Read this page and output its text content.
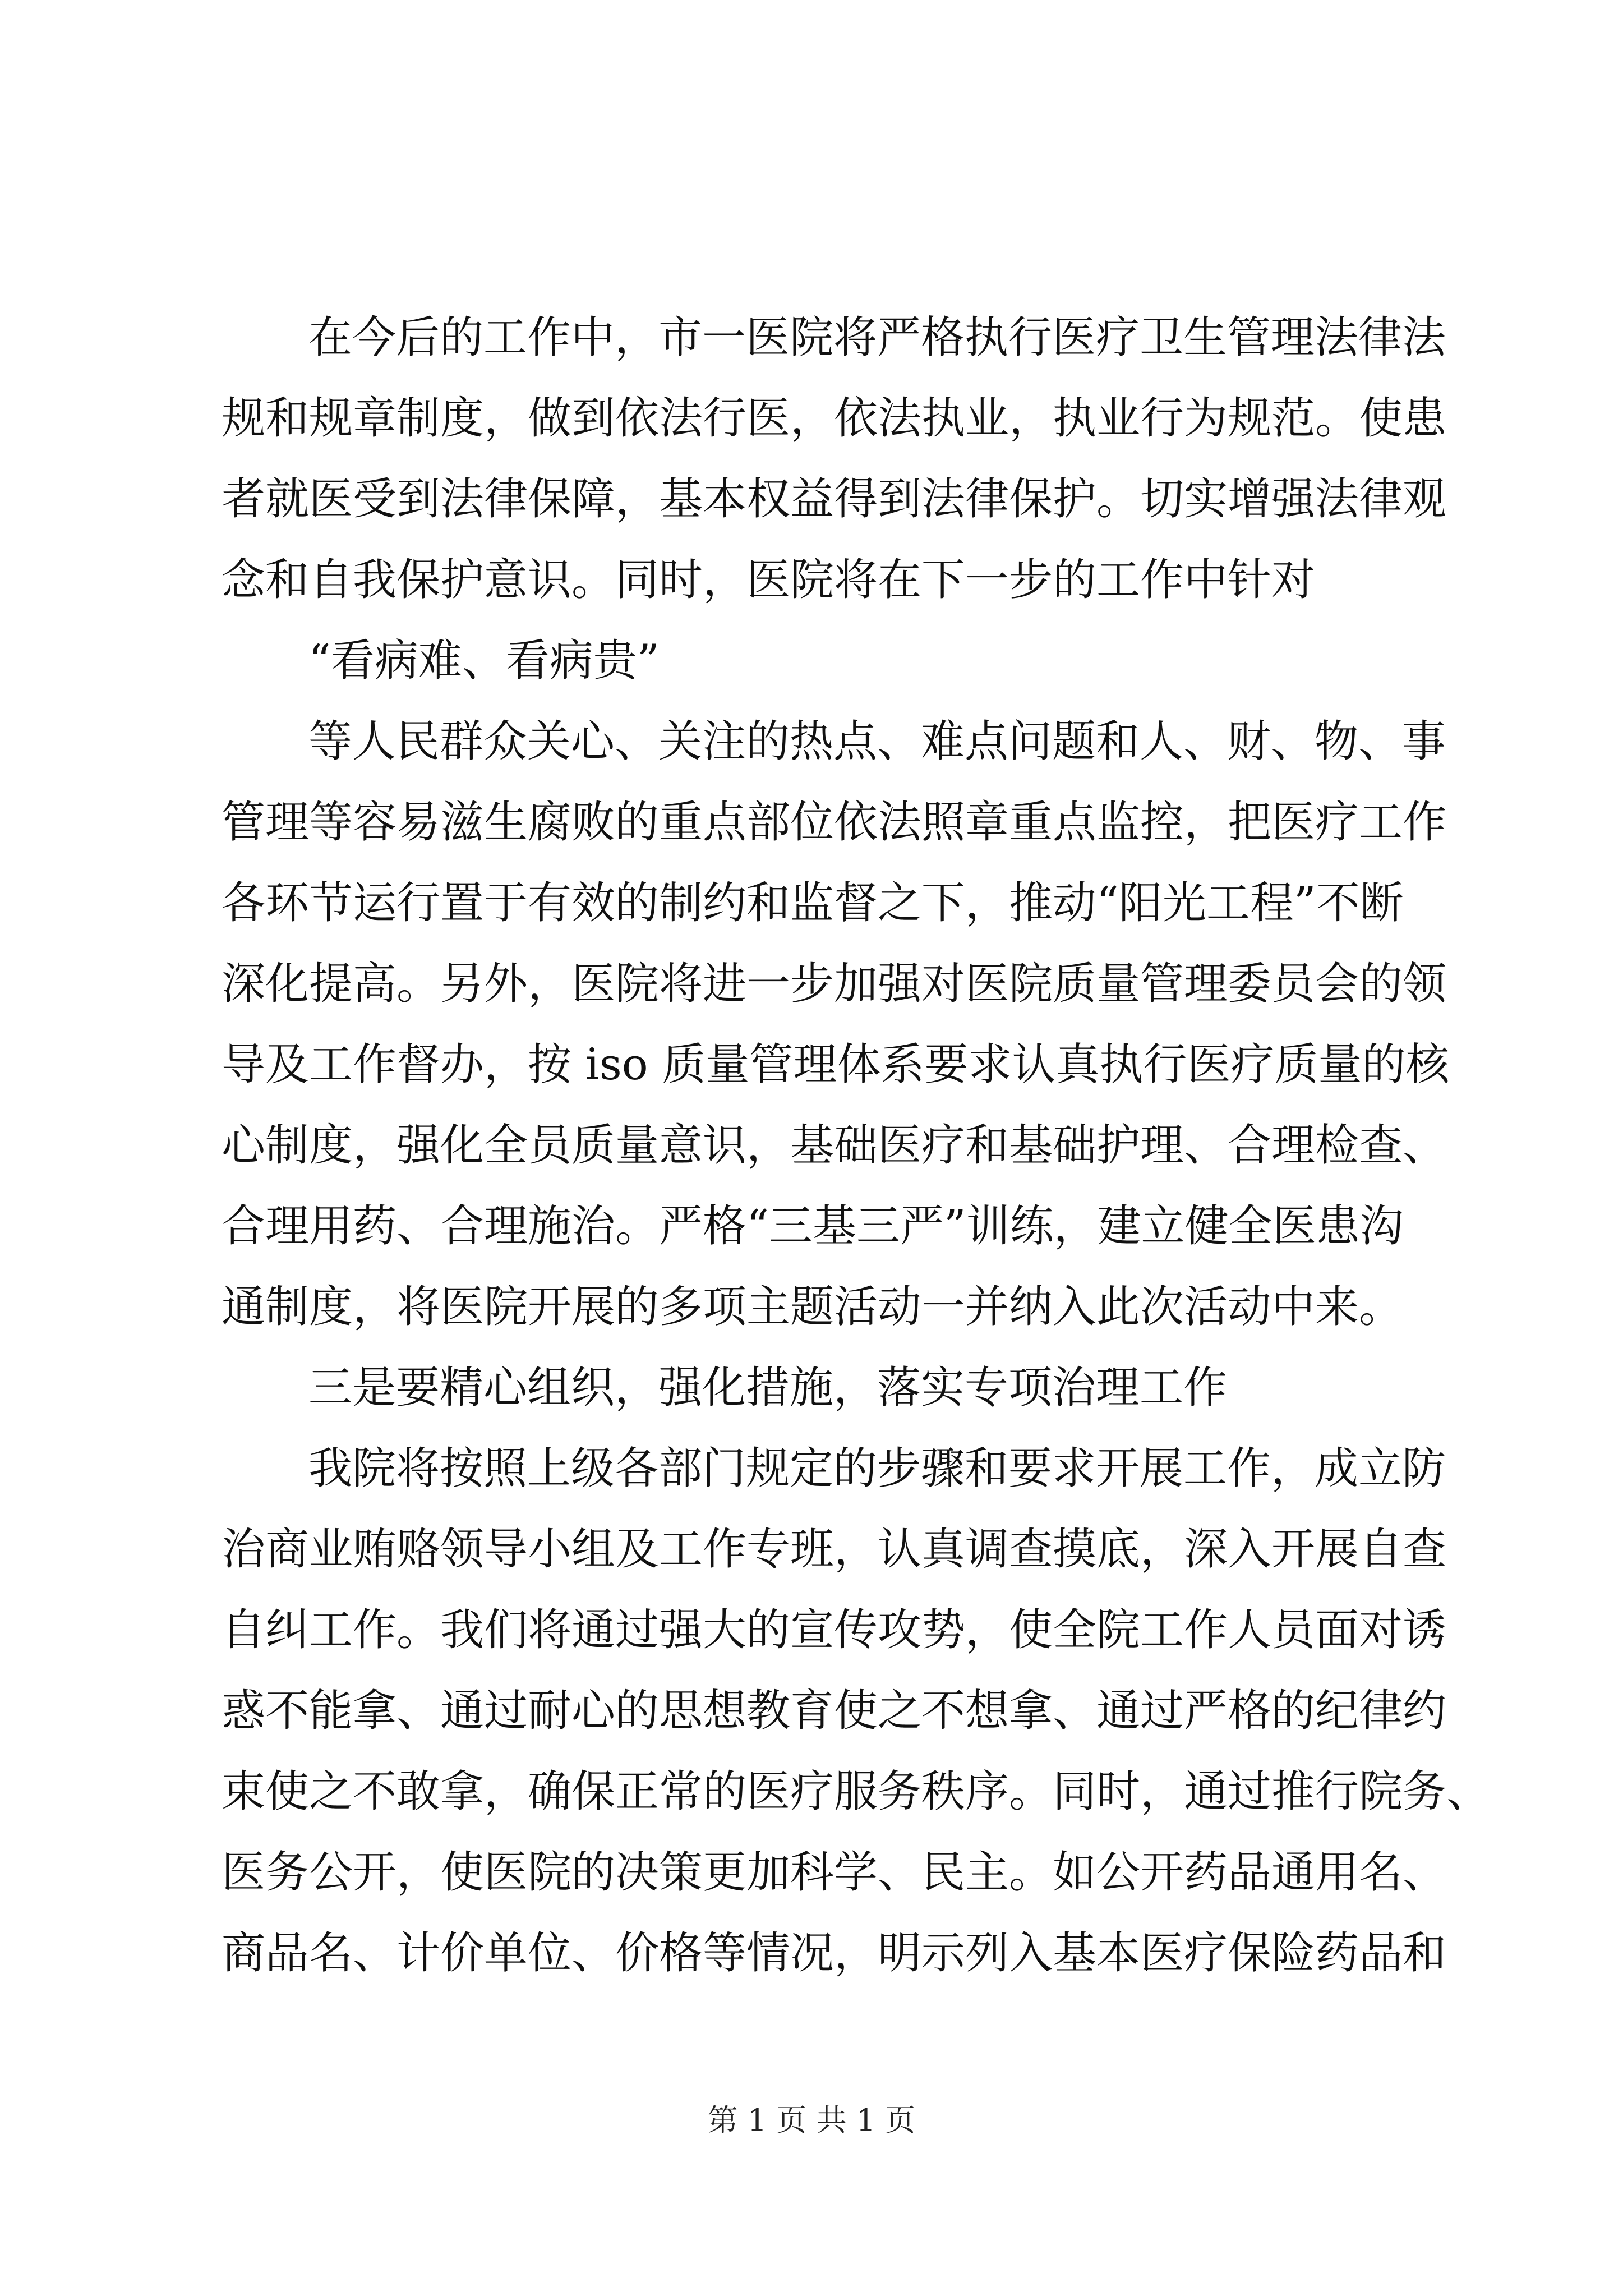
在今后的工作中，市一医院将严格执行医疗卫生管理法律法
规和规章制度，做到依法行医，依法执业，执业行为规范。使患
者就医受到法律保障，基本权益得到法律保护。切实增强法律观
念和自我保护意识。同时，医院将在下一步的工作中针对
“看病难、看病贵”
等人民群众关心、关注的热点、难点问题和人、财、物、事
管理等容易滋生腐败的重点部位依法照章重点监控，把医疗工作
各环节运行置于有效的制约和监督之下，推动“阳光工程”不断
深化提高。另外，医院将进一步加强对医院质量管理委员会的领
导及工作督办，按 iso 质量管理体系要求认真执行医疗质量的核
心制度，强化全员质量意识，基础医疗和基础护理、合理检查、
合理用药、合理施治。严格“三基三严”训练，建立健全医患沟
通制度，将医院开展的多项主题活动一并纳入此次活动中来。
三是要精心组织，强化措施，落实专项治理工作
我院将按照上级各部门规定的步骤和要求开展工作，成立防
治商业贿赂领导小组及工作专班，认真调查摸底，深入开展自查
自纠工作。我们将通过强大的宣传攻势，使全院工作人员面对诱
惑不能拿、通过耐心的思想教育使之不想拿、通过严格的纪律约
束使之不敢拿，确保正常的医疗服务秩序。同时，通过推行院务、
医务公开，使医院的决策更加科学、民主。如公开药品通用名、
商品名、计价单位、价格等情况，明示列入基本医疗保险药品和
第 1 页 共 1 页
